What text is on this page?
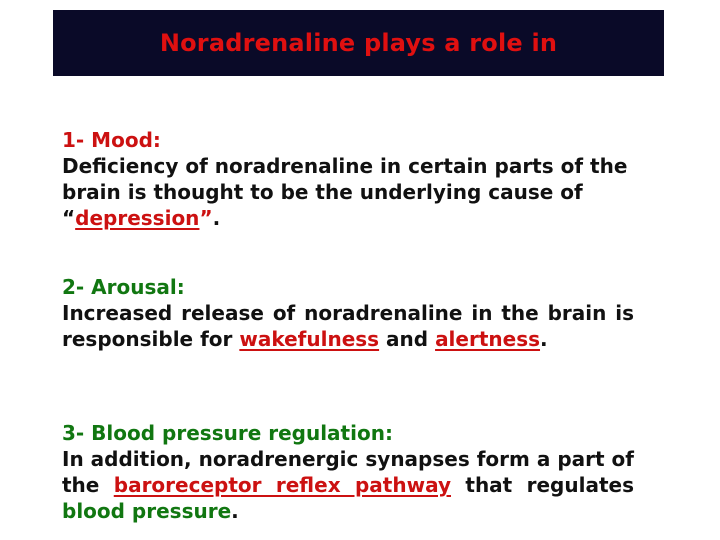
Noradrenaline plays a role in
1- Mood:
Deficiency of noradrenaline in certain parts of the brain is thought to be the underlying cause of “depression”.
2- Arousal:
Increased release of noradrenaline in the brain is responsible for wakefulness and alertness.
3- Blood pressure regulation:
In addition, noradrenergic synapses form a part of the baroreceptor reflex pathway that regulates blood pressure.
